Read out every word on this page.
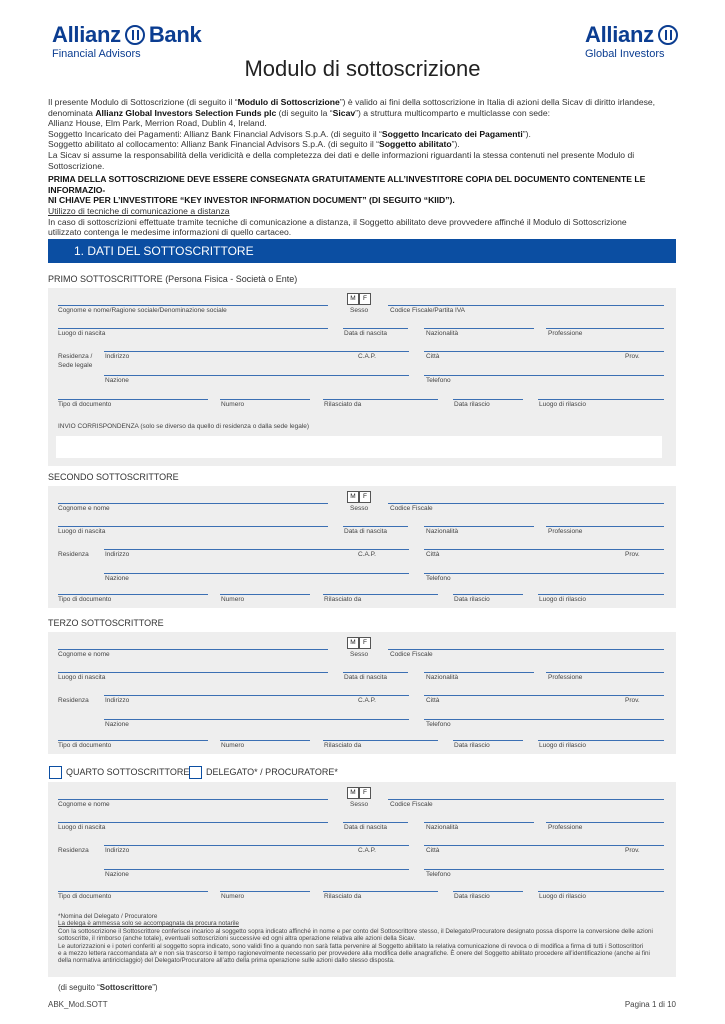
Allianz Bank
Financial Advisors
Allianz
Global Investors
Modulo di sottoscrizione
Il presente Modulo di Sottoscrizione (di seguito il “Modulo di Sottoscrizione”) è valido ai fini della sottoscrizione in Italia di azioni della Sicav di diritto irlandese,
denominata Allianz Global Investors Selection Funds plc (di seguito la “Sicav”) a struttura multicomparto e multiclasse con sede:
Allianz House, Elm Park, Merrion Road, Dublin 4, Ireland.
Soggetto Incaricato dei Pagamenti: Allianz Bank Financial Advisors S.p.A. (di seguito il “Soggetto Incaricato dei Pagamenti”).
Soggetto abilitato al collocamento: Allianz Bank Financial Advisors S.p.A. (di seguito il “Soggetto abilitato”).
La Sicav si assume la responsabilità della veridicità e della completezza dei dati e delle informazioni riguardanti la stessa contenuti nel presente Modulo di
Sottoscrizione.
PRIMA DELLA SOTTOSCRIZIONE DEVE ESSERE CONSEGNATA GRATUITAMENTE ALL’INVESTITORE COPIA DEL DOCUMENTO CONTENENTE LE INFORMAZIO-
NI CHIAVE PER L’INVESTITORE “KEY INVESTOR INFORMATION DOCUMENT” (DI SEGUITO “KIID”).
Utilizzo di tecniche di comunicazione a distanza
In caso di sottoscrizioni effettuate tramite tecniche di comunicazione a distanza, il Soggetto abilitato deve provvedere affinché il Modulo di Sottoscrizione
utilizzato contenga le medesime informazioni di quello cartaceo.
1. DATI DEL SOTTOSCRITTORE
PRIMO SOTTOSCRITTORE (Persona Fisica - Società o Ente)
M	F
Cognome e nome/Ragione sociale/Denominazione sociale	Sesso	Codice Fiscale/Partita IVA
Luogo di nascita	Data di nascita	Nazionalità	Professione
Residenza /
Sede legale
Indirizzo	C.A.P.	Città	Prov.
Nazione	Telefono
Tipo di documento	Numero	Rilasciato da	Data rilascio	Luogo di rilascio
INVIO CORRISPONDENZA (solo se diverso da quello di residenza o dalla sede legale)
SECONDO SOTTOSCRITTORE
M	F
Cognome e nome	Sesso	Codice Fiscale
Luogo di nascita	Data di nascita	Nazionalità	Professione
Residenza	Indirizzo	C.A.P.	Città	Prov.
Nazione	Telefono
Tipo di documento	Numero	Rilasciato da	Data rilascio	Luogo di rilascio
TERZO SOTTOSCRITTORE
M	F
Cognome e nome	Sesso	Codice Fiscale
Luogo di nascita	Data di nascita	Nazionalità	Professione
Residenza	Indirizzo	C.A.P.	Città	Prov.
Nazione	Telefono
Tipo di documento	Numero	Rilasciato da	Data rilascio	Luogo di rilascio
QUARTO SOTTOSCRITTORE DELEGATO* / PROCURATORE*
M	F
Cognome e nome	Sesso	Codice Fiscale
Luogo di nascita	Data di nascita	Nazionalità	Professione
Residenza	Indirizzo	C.A.P.	Città	Prov.
Nazione	Telefono
Tipo di documento	Numero	Rilasciato da	Data rilascio	Luogo di rilascio
*Nomina del Delegato / Procuratore
La delega è ammessa solo se accompagnata da procura notarile
Con la sottoscrizione il Sottoscrittore conferisce incarico al soggetto sopra indicato affinché in nome e per conto del Sottoscrittore stesso, il Delegato/Procuratore designato possa disporre la conversione delle azioni
sottoscritte, il rimborso (anche totale), eventuali sottoscrizioni successive ed ogni altra operazione relativa alle azioni della Sicav.
Le autorizzazioni e i poteri conferiti al soggetto sopra indicato, sono validi fino a quando non sarà fatta pervenire al Soggetto abilitato la relativa comunicazione di revoca o di modifica a firma di tutti i Sottoscrittori
e a mezzo lettera raccomandata a/r e non sia trascorso il tempo ragionevolmente necessario per provvedere alla modifica delle anagrafiche. È onere del Soggetto abilitato procedere all’identificazione (anche ai fini
della normativa antiriciclaggio) del Delegato/Procuratore all’atto della prima operazione sulle azioni dallo stesso disposta.
(di seguito “Sottoscrittore”)
ABK_Mod.SOTT	Pagina 1 di 10
